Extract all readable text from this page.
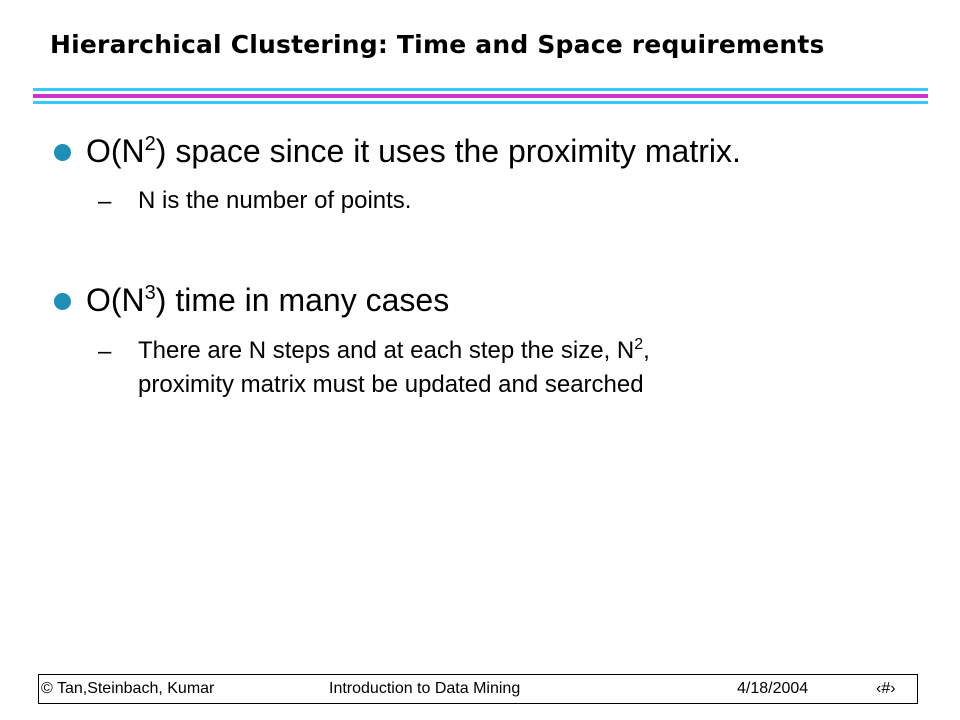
Hierarchical Clustering: Time and Space requirements
$O(N^2)$ space since it uses the proximity matrix.
– N is the number of points.
$O(N^3)$ time in many cases
– There are N steps and at each step the size, $N^2$,
proximity matrix must be updated and searched
© Tan,Steinbach, Kumar	Introduction to Data Mining	4/18/2004	‹#›
